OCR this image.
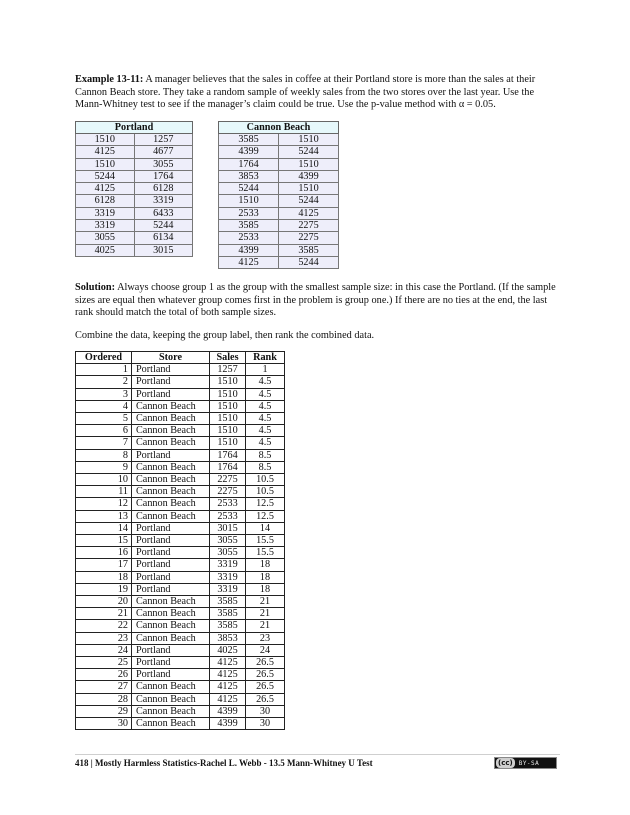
Example 13-11: A manager believes that the sales in coffee at their Portland store is more than the sales at their Cannon Beach store. They take a random sample of weekly sales from the two stores over the last year. Use the Mann-Whitney test to see if the manager’s claim could be true. Use the p-value method with α = 0.05.

Portland	
1510	1257
4125	4677
1510	3055
5244	1764
4125	6128
6128	3319
3319	6433
3319	5244
3055	6134
4025	3015
Cannon Beach	
3585	1510
4399	5244
1764	1510
3853	4399
5244	1510
1510	5244
2533	4125
3585	2275
2533	2275
4399	3585
4125	5244

Solution: Always choose group 1 as the group with the smallest sample size: in this case the Portland. (If the sample sizes are equal then whatever group comes first in the problem is group one.) If there are no ties at the end, the last rank should match the total of both sample sizes.

Combine the data, keeping the group label, then rank the combined data.

Ordered	Store	Sales	Rank
1	Portland	1257	1
2	Portland	1510	4.5
3	Portland	1510	4.5
4	Cannon Beach	1510	4.5
5	Cannon Beach	1510	4.5
6	Cannon Beach	1510	4.5
7	Cannon Beach	1510	4.5
8	Portland	1764	8.5
9	Cannon Beach	1764	8.5
10	Cannon Beach	2275	10.5
11	Cannon Beach	2275	10.5
12	Cannon Beach	2533	12.5
13	Cannon Beach	2533	12.5
14	Portland	3015	14
15	Portland	3055	15.5
16	Portland	3055	15.5
17	Portland	3319	18
18	Portland	3319	18
19	Portland	3319	18
20	Cannon Beach	3585	21
21	Cannon Beach	3585	21
22	Cannon Beach	3585	21
23	Cannon Beach	3853	23
24	Portland	4025	24
25	Portland	4125	26.5
26	Portland	4125	26.5
27	Cannon Beach	4125	26.5
28	Cannon Beach	4125	26.5
29	Cannon Beach	4399	30
30	Cannon Beach	4399	30
418 | Mostly Harmless Statistics-Rachel L. Webb - 13.5 Mann-Whitney U Test	(cc)	BY-SA
